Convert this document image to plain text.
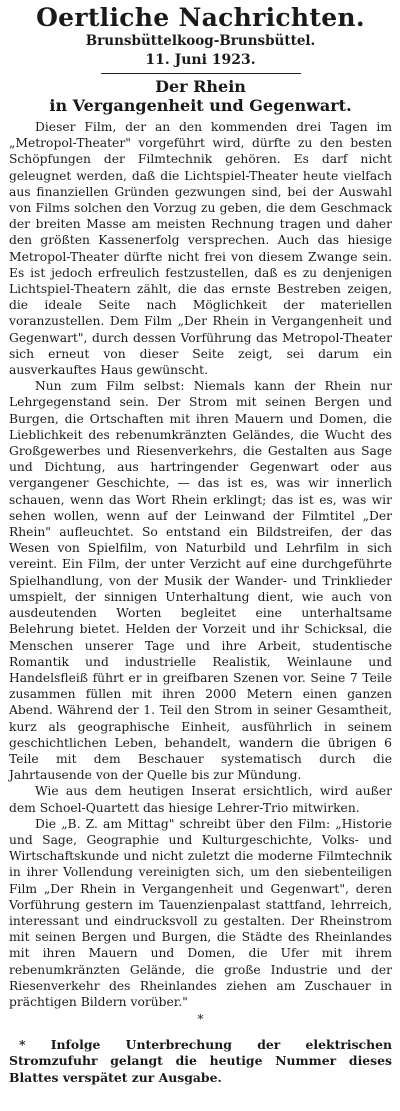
Oertliche Nachrichten.
Brunsbüttelkoog-Brunsbüttel.
11. Juni 1923.
Der Rhein
in Vergangenheit und Gegenwart.

Dieser Film, der an den kommenden drei Tagen im „Metropol-Theater" vorgeführt wird, dürfte zu den besten Schöpfungen der Filmtechnik gehören. Es darf nicht geleugnet werden, daß die Lichtspiel-Theater heute vielfach aus finanziellen Gründen gezwungen sind, bei der Auswahl von Films solchen den Vorzug zu geben, die dem Geschmack der breiten Masse am meisten Rechnung tragen und daher den größten Kassenerfolg versprechen. Auch das hiesige Metropol-Theater dürfte nicht frei von diesem Zwange sein. Es ist jedoch erfreulich festzustellen, daß es zu denjenigen Lichtspiel-Theatern zählt, die das ernste Bestreben zeigen, die ideale Seite nach Möglichkeit der materiellen voranzustellen. Dem Film „Der Rhein in Vergangenheit und Gegenwart", durch dessen Vorführung das Metropol-Theater sich erneut von dieser Seite zeigt, sei darum ein ausverkauftes Haus gewünscht.

Nun zum Film selbst: Niemals kann der Rhein nur Lehrgegenstand sein. Der Strom mit seinen Bergen und Burgen, die Ortschaften mit ihren Mauern und Domen, die Lieblichkeit des rebenumkränzten Geländes, die Wucht des Großgewerbes und Riesenverkehrs, die Gestalten aus Sage und Dichtung, aus hartringender Gegenwart oder aus vergangener Geschichte, — das ist es, was wir innerlich schauen, wenn das Wort Rhein erklingt; das ist es, was wir sehen wollen, wenn auf der Leinwand der Filmtitel „Der Rhein" aufleuchtet. So entstand ein Bildstreifen, der das Wesen von Spielfilm, von Naturbild und Lehrfilm in sich vereint. Ein Film, der unter Verzicht auf eine durchgeführte Spielhandlung, von der Musik der Wander- und Trinklieder umspielt, der sinnigen Unterhaltung dient, wie auch von ausdeutenden Worten begleitet eine unterhaltsame Belehrung bietet. Helden der Vorzeit und ihr Schicksal, die Menschen unserer Tage und ihre Arbeit, studentische Romantik und industrielle Realistik, Weinlaune und Handelsfleiß führt er in greifbaren Szenen vor. Seine 7 Teile zusammen füllen mit ihren 2000 Metern einen ganzen Abend. Während der 1. Teil den Strom in seiner Gesamtheit, kurz als geographische Einheit, ausführlich in seinem geschichtlichen Leben, behandelt, wandern die übrigen 6 Teile mit dem Beschauer systematisch durch die Jahrtausende von der Quelle bis zur Mündung.

Wie aus dem heutigen Inserat ersichtlich, wird außer dem Schoel-Quartett das hiesige Lehrer-Trio mitwirken.

Die „B. Z. am Mittag" schreibt über den Film: „Historie und Sage, Geographie und Kulturgeschichte, Volks- und Wirtschaftskunde und nicht zuletzt die moderne Filmtechnik in ihrer Vollendung vereinigten sich, um den siebenteiligen Film „Der Rhein in Vergangenheit und Gegenwart", deren Vorführung gestern im Tauenzienpalast stattfand, lehrreich, interessant und eindrucksvoll zu gestalten. Der Rheinstrom mit seinen Bergen und Burgen, die Städte des Rheinlandes mit ihren Mauern und Domen, die Ufer mit ihrem rebenumkränzten Gelände, die große Industrie und der Riesenverkehr des Rheinlandes ziehen am Zuschauer in prächtigen Bildern vorüber."

*
* Infolge Unterbrechung der elektrischen Stromzufuhr gelangt die heutige Nummer dieses Blattes verspätet zur Ausgabe.
